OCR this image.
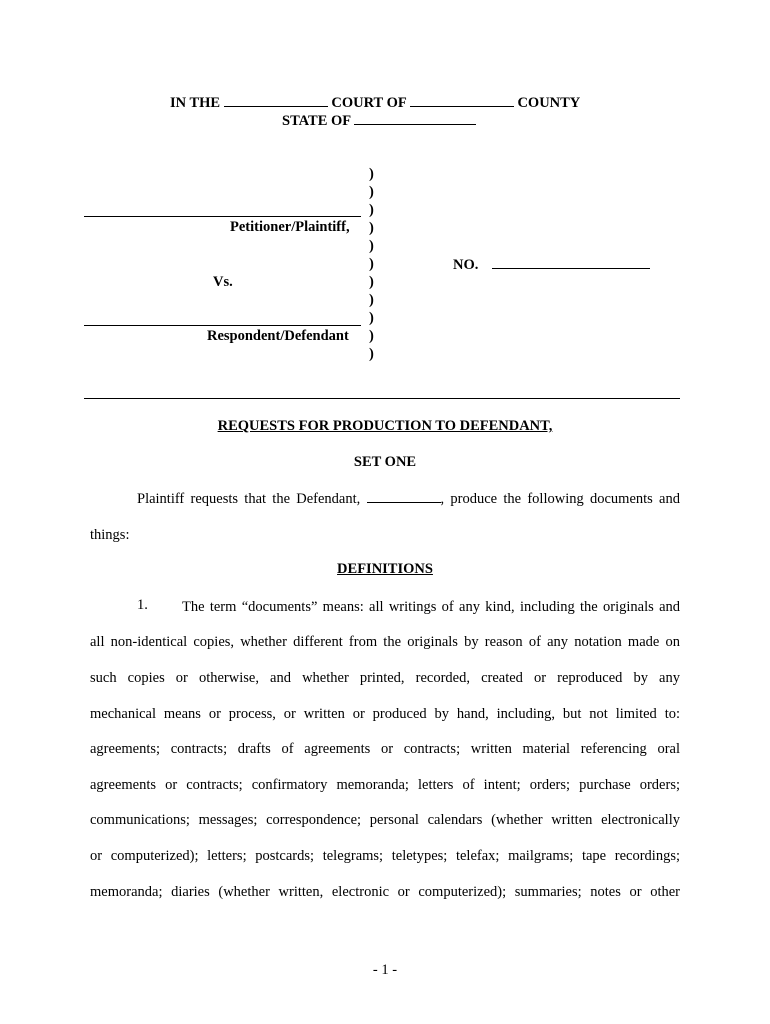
IN THE	COURT OF	COUNTY
STATE OF
)
)
)
)
)
)
)
)
)
)
)
Petitioner/Plaintiff,
Vs.
NO.
Respondent/Defendant
REQUESTS FOR PRODUCTION TO DEFENDANT,
SET ONE
Plaintiff requests that the Defendant,	, produce the following documents and
things:
DEFINITIONS
1. The term “documents” means: all writings of any kind, including the originals and
all non-identical copies, whether different from the originals by reason of any notation made on
such copies or otherwise, and whether printed, recorded, created or reproduced by any
mechanical means or process, or written or produced by hand, including, but not limited to:
agreements; contracts; drafts of agreements or contracts; written material referencing oral
agreements or contracts; confirmatory memoranda; letters of intent; orders; purchase orders;
communications; messages; correspondence; personal calendars (whether written electronically
or computerized); letters; postcards; telegrams; teletypes; telefax; mailgrams; tape recordings;
memoranda; diaries (whether written, electronic or computerized); summaries; notes or other
- 1 -
